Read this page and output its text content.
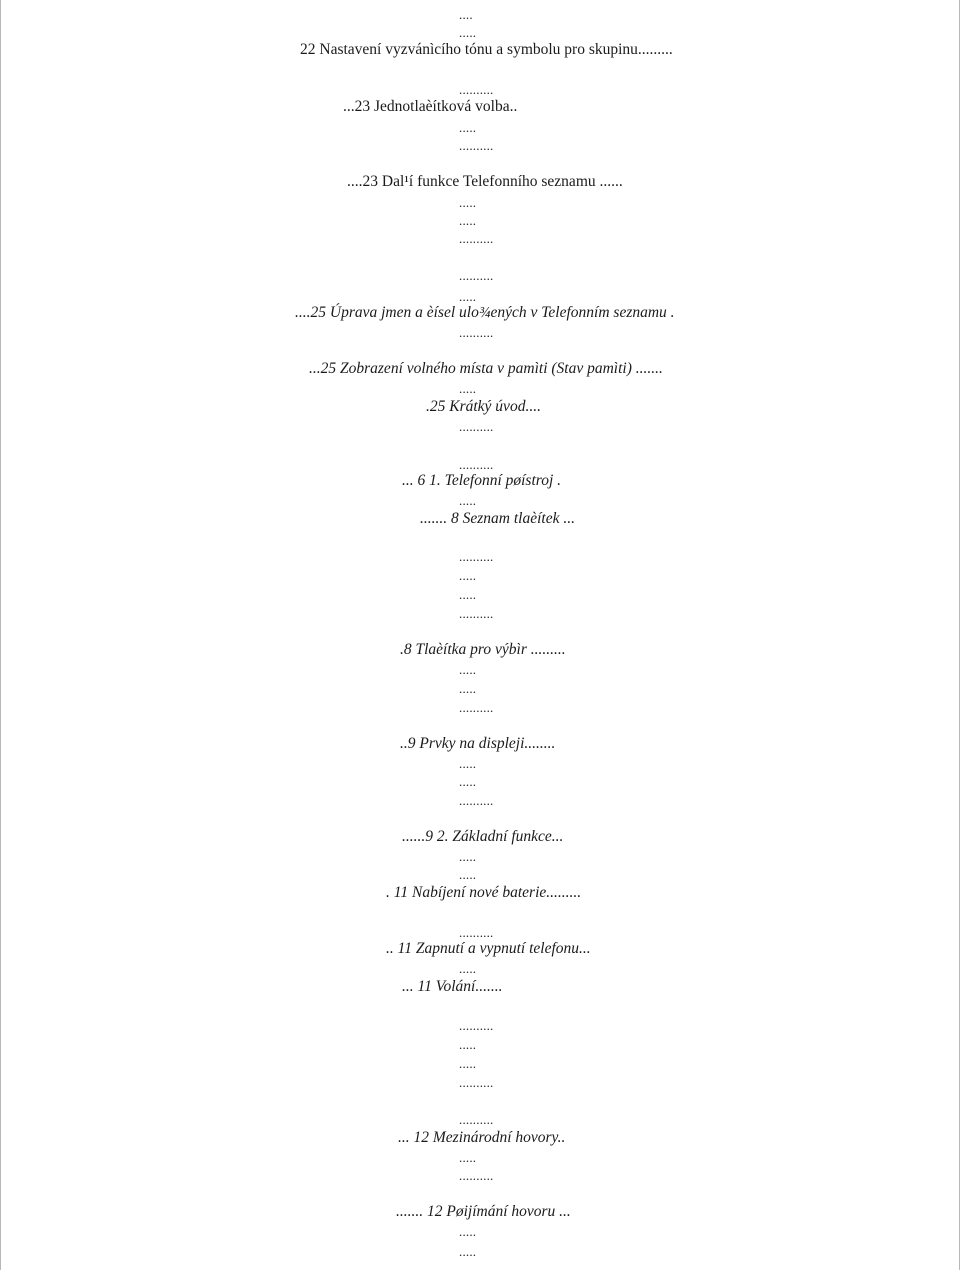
....
.....
22 Nastavení vyzvánìcího tónu a symbolu pro skupinu.........
..........
...23 Jednotlaèítková volba..
.....
..........
....23 Dal¹í funkce Telefonního seznamu ......
.....
.....
..........
..........
.....
....25 Úprava jmen a èísel ulo¾ených v Telefonním seznamu .
..........
...25 Zobrazení volného místa v pamìti (Stav pamìti) .......
.....
.25 Krátký úvod....
..........
..........
... 6 1. Telefonní pøístroj .
.....
....... 8 Seznam tlaèítek ...
..........
.....
.....
..........
.8 Tlaèítka pro výbìr .........
.....
.....
..........
..9 Prvky na displeji........
.....
.....
..........
......9 2. Základní funkce...
.....
.....
. 11 Nabíjení nové baterie.........
..........
.. 11 Zapnutí a vypnutí telefonu...
.....
... 11 Volání.......
..........
.....
.....
..........
..........
... 12 Mezinárodní hovory..
.....
..........
....... 12 Pøijímání hovoru ...
.....
.....
